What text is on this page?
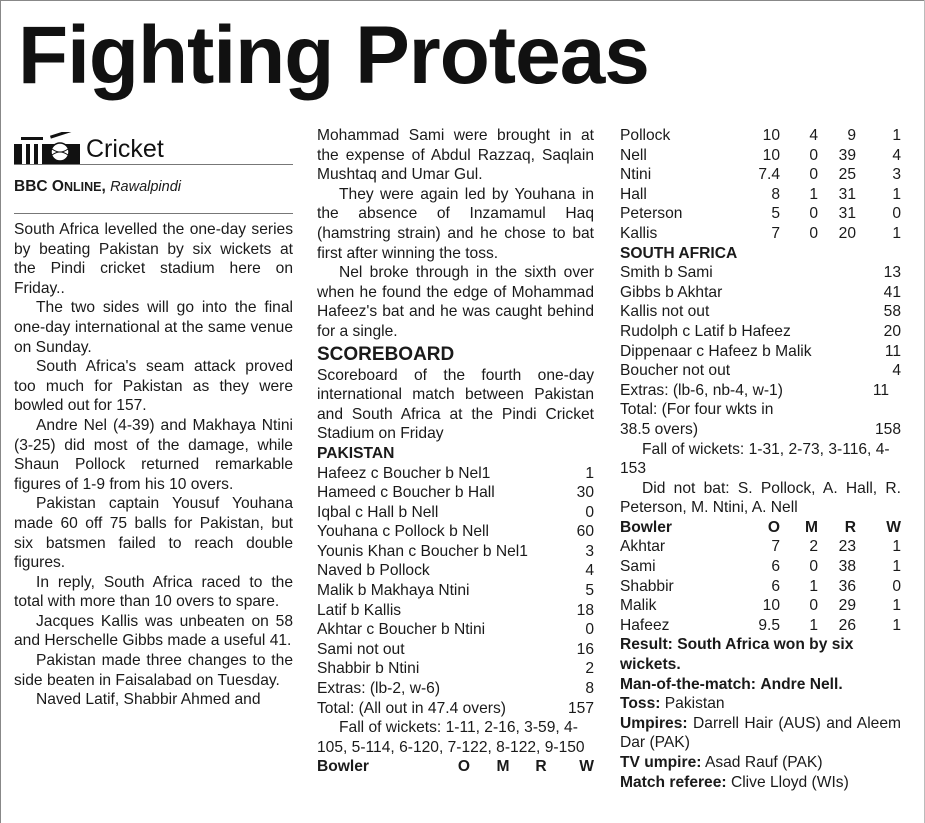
Fighting Proteas
Cricket
BBC ONLINE, Rawalpindi

South Africa levelled the one-day series by beating Pakistan by six wickets at the Pindi cricket stadium here on Friday..

The two sides will go into the final one-day international at the same venue on Sunday.

South Africa's seam attack proved too much for Pakistan as they were bowled out for 157.

Andre Nel (4-39) and Makhaya Ntini (3-25) did most of the damage, while Shaun Pollock returned remarkable figures of 1-9 from his 10 overs.

Pakistan captain Yousuf Youhana made 60 off 75 balls for Pakistan, but six batsmen failed to reach double figures.

In reply, South Africa raced to the total with more than 10 overs to spare.

Jacques Kallis was unbeaten on 58 and Herschelle Gibbs made a useful 41.

Pakistan made three changes to the side beaten in Faisalabad on Tuesday.

Naved Latif, Shabbir Ahmed and

Mohammad Sami were brought in at the expense of Abdul Razzaq, Saqlain Mushtaq and Umar Gul.

They were again led by Youhana in the absence of Inzamamul Haq (hamstring strain) and he chose to bat first after winning the toss.

Nel broke through in the sixth over when he found the edge of Mohammad Hafeez's bat and he was caught behind for a single.

SCOREBOARD

Scoreboard of the fourth one-day international match between Pakistan and South Africa at the Pindi Cricket Stadium on Friday

PAKISTAN
Hafeez c Boucher b Nel1	1
Hameed c Boucher b Hall	30
Iqbal c Hall b Nell	0
Youhana c Pollock b Nell	60
Younis Khan c Boucher b Nel1	3
Naved b Pollock	4
Malik b Makhaya Ntini	5
Latif b Kallis	18
Akhtar c Boucher b Ntini	0
Sami not out	16
Shabbir b Ntini	2
Extras: (lb-2, w-6)	8
Total: (All out in 47.4 overs)	157

Fall of wickets: 1-11, 2-16, 3-59, 4-105, 5-114, 6-120, 7-122, 8-122, 9-150

Bowler	O	M	R	W
Pollock	10	4	9	1
Nell	10	0	39	4
Ntini	7.4	0	25	3
Hall	8	1	31	1
Peterson	5	0	31	0
Kallis	7	0	20	1
SOUTH AFRICA
Smith b Sami	13
Gibbs b Akhtar	41
Kallis not out	58
Rudolph c Latif b Hafeez	20
Dippenaar c Hafeez b Malik	11
Boucher not out	4
Extras: (lb-6, nb-4, w-1)	11
Total: (For four wkts in
38.5 overs)	158

Fall of wickets: 1-31, 2-73, 3-116, 4-153

Did not bat: S. Pollock, A. Hall, R. Peterson, M. Ntini, A. Nell

Bowler	O	M	R	W
Akhtar	7	2	23	1
Sami	6	0	38	1
Shabbir	6	1	36	0
Malik	10	0	29	1
Hafeez	9.5	1	26	1

Result: South Africa won by six wickets.

Man-of-the-match: Andre Nell.

Toss: Pakistan

Umpires: Darrell Hair (AUS) and Aleem Dar (PAK)

TV umpire: Asad Rauf (PAK)

Match referee: Clive Lloyd (WIs)
